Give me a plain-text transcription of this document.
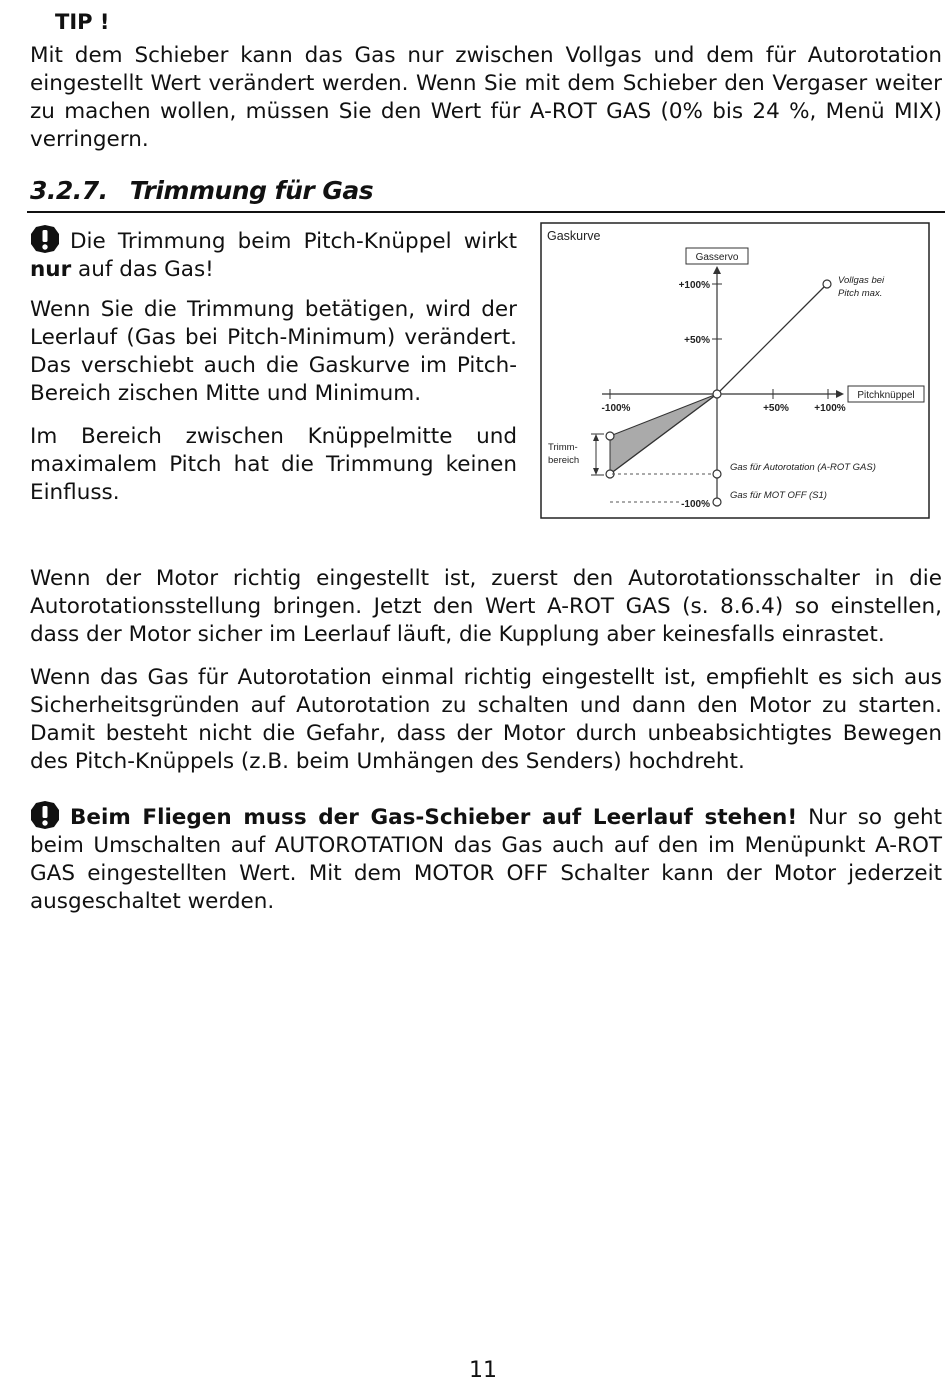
TIP !

Mit dem Schieber kann das Gas nur zwischen Vollgas und dem für Autorotation eingestellt Wert verändert werden. Wenn Sie mit dem Schieber den Vergaser weiter zu machen wollen, müssen Sie den Wert für A-ROT GAS (0% bis 24 %, Menü MIX) verringern.

3.2.7. Trimmung für Gas

Die Trimmung beim Pitch-Knüppel wirkt nur auf das Gas!

Wenn Sie die Trimmung betätigen, wird der Leerlauf (Gas bei Pitch-Minimum) verändert. Das verschiebt auch die Gaskurve im Pitch-Bereich zischen Mitte und Minimum.

Im Bereich zwischen Knüppelmitte und maximalem Pitch hat die Trimmung keinen Einfluss.

Gaskurve
Gasservo
Pitchknüppel
+100%
+50%
-100%
-100%	+50%	+100%
Trimm-
bereich
Gas für Autorotation (A-ROT GAS)
Gas für MOT OFF (S1)
Vollgas bei
Pitch max.

Wenn der Motor richtig eingestellt ist, zuerst den Autorotationsschalter in die Autorotationsstellung bringen. Jetzt den Wert A-ROT GAS (s. 8.6.4) so einstellen, dass der Motor sicher im Leerlauf läuft, die Kupplung aber keinesfalls einrastet.

Wenn das Gas für Autorotation einmal richtig eingestellt ist, empfiehlt es sich aus Sicherheitsgründen auf Autorotation zu schalten und dann den Motor zu starten. Damit besteht nicht die Gefahr, dass der Motor durch unbeabsichtigtes Bewegen des Pitch-Knüppels (z.B. beim Umhängen des Senders) hochdreht.

Beim Fliegen muss der Gas-Schieber auf Leerlauf stehen! Nur so geht beim Umschalten auf AUTOROTATION das Gas auch auf den im Menüpunkt A-ROT GAS eingestellten Wert. Mit dem MOTOR OFF Schalter kann der Motor jederzeit ausgeschaltet werden.

11
